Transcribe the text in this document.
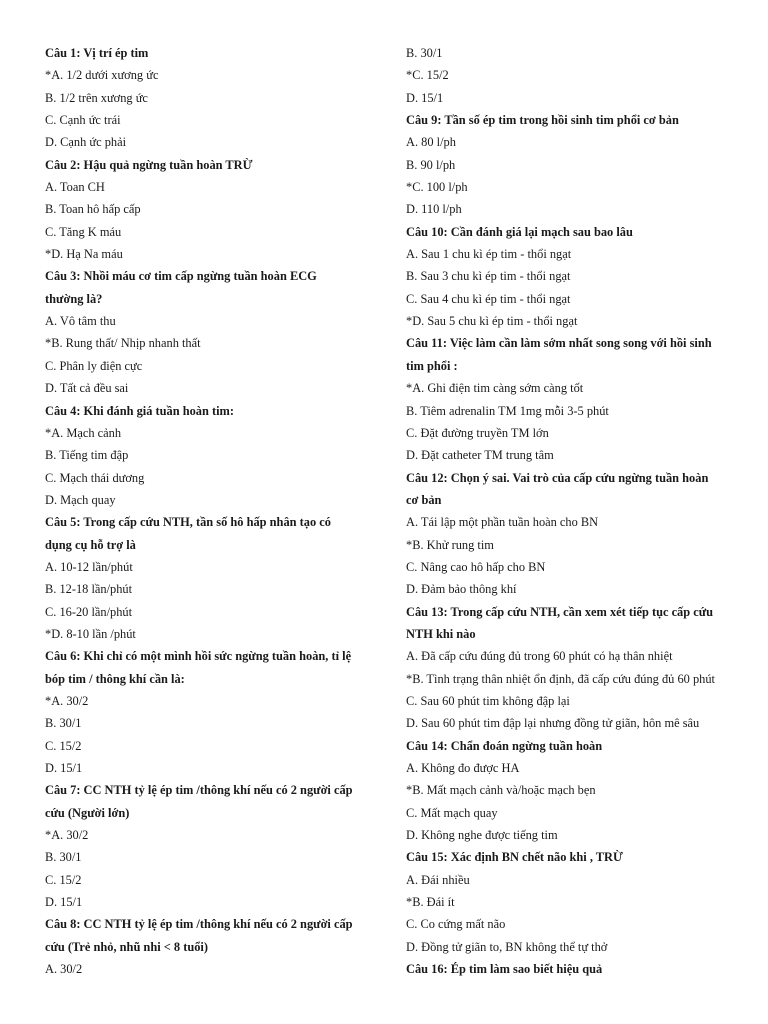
Câu 1: Vị trí ép tim
*A. 1/2 dưới xương ức
B. 1/2 trên xương ức
C. Cạnh ức trái
D. Cạnh ức phải
Câu 2: Hậu quả ngừng tuần hoàn TRỪ
A. Toan CH
B. Toan hô hấp cấp
C. Tăng K máu
*D. Hạ Na máu
Câu 3: Nhồi máu cơ tim cấp ngừng tuần hoàn ECG
thường là?
A. Vô tâm thu
*B. Rung thất/ Nhịp nhanh thất
C. Phân ly điện cực
D. Tất cả đều sai
Câu 4: Khi đánh giá tuần hoàn tim:
*A. Mạch cảnh
B. Tiếng tim đập
C. Mạch thái dương
D. Mạch quay
Câu 5: Trong cấp cứu NTH, tần số hô hấp nhân tạo có
dụng cụ hỗ trợ là
A. 10-12 lần/phút
B. 12-18 lần/phút
C. 16-20 lần/phút
*D. 8-10 lần /phút
Câu 6: Khi chỉ có một mình hồi sức ngừng tuần hoàn, tỉ lệ
bóp tim / thông khí cần là:
*A. 30/2
B. 30/1
C. 15/2
D. 15/1
Câu 7: CC NTH tỷ lệ ép tim /thông khí nếu có 2 người cấp
cứu (Người lớn)
*A. 30/2
B. 30/1
C. 15/2
D. 15/1
Câu 8: CC NTH tỷ lệ ép tim /thông khí nếu có 2 người cấp
cứu (Trẻ nhỏ, nhũ nhi < 8 tuổi)
A. 30/2
B. 30/1
*C. 15/2
D. 15/1
Câu 9: Tần số ép tim trong hồi sinh tim phổi cơ bản
A. 80 l/ph
B. 90 l/ph
*C. 100 l/ph
D. 110 l/ph
Câu 10: Cần đánh giá lại mạch sau bao lâu
A. Sau 1 chu kì ép tim - thổi ngạt
B. Sau 3 chu kì ép tim - thổi ngạt
C. Sau 4 chu kì ép tim - thổi ngạt
*D. Sau 5 chu kì ép tim - thổi ngạt
Câu 11: Việc làm cần làm sớm nhất song song với hồi sinh
tim phổi :
*A. Ghi điện tim càng sớm càng tốt
B. Tiêm adrenalin TM 1mg mỗi 3-5 phút
C. Đặt đường truyền TM lớn
D. Đặt catheter TM trung tâm
Câu 12: Chọn ý sai. Vai trò của cấp cứu ngừng tuần hoàn
cơ bản
A. Tái lập một phần tuần hoàn cho BN
*B. Khử rung tim
C. Nâng cao hô hấp cho BN
D. Đảm bảo thông khí
Câu 13: Trong cấp cứu NTH, cần xem xét tiếp tục cấp cứu
NTH khi nào
A. Đã cấp cứu đúng đủ trong 60 phút có hạ thân nhiệt
*B. Tình trạng thân nhiệt ổn định, đã cấp cứu đúng đủ 60 phút
C. Sau 60 phút tim không đập lại
D. Sau 60 phút tim đập lại nhưng đồng tử giãn, hôn mê sâu
Câu 14: Chẩn đoán ngừng tuần hoàn
A. Không đo được HA
*B. Mất mạch cảnh và/hoặc mạch bẹn
C. Mất mạch quay
D. Không nghe được tiếng tim
Câu 15: Xác định BN chết não khi , TRỪ
A. Đái nhiều
*B. Đái ít
C. Co cứng mất não
D. Đồng tử giãn to, BN không thể tự thở
Câu 16: Ép tim làm sao biết hiệu quả
